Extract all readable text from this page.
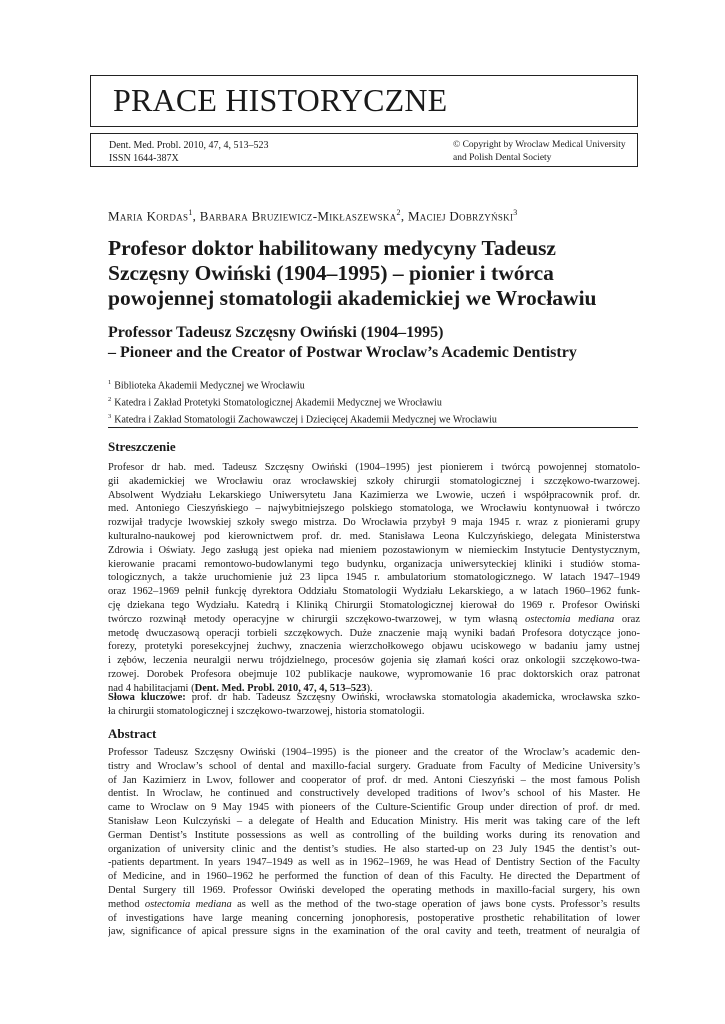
PRACE HISTORYCZNE
Dent. Med. Probl. 2010, 47, 4, 513–523
ISSN 1644-387X
© Copyright by Wroclaw Medical University
and Polish Dental Society
Maria Kordas$^1$, Barbara Bruziewicz-Mikłaszewska$^2$, Maciej Dobrzyński$^3$
Profesor doktor habilitowany medycyny Tadeusz
Szczęsny Owiński (1904–1995) – pionier i twórca
powojennej stomatologii akademickiej we Wrocławiu
Professor Tadeusz Szczęsny Owiński (1904–1995)
– Pioneer and the Creator of Postwar Wroclaw’s Academic Dentistry
$^1$ Biblioteka Akademii Medycznej we Wrocławiu
$^2$ Katedra i Zakład Protetyki Stomatologicznej Akademii Medycznej we Wrocławiu
$^3$ Katedra i Zakład Stomatologii Zachowawczej i Dziecięcej Akademii Medycznej we Wrocławiu
Streszczenie
Profesor dr hab. med. Tadeusz Szczęsny Owiński (1904–1995) jest pionierem i twórcą powojennej stomatolo-
gii akademickiej we Wrocławiu oraz wrocławskiej szkoły chirurgii stomatologicznej i szczękowo-twarzowej.
Absolwent Wydziału Lekarskiego Uniwersytetu Jana Kazimierza we Lwowie, uczeń i współpracownik prof. dr.
med. Antoniego Cieszyńskiego – najwybitniejszego polskiego stomatologa, we Wrocławiu kontynuował i twórczo
rozwijał tradycje lwowskiej szkoły swego mistrza. Do Wrocławia przybył 9 maja 1945 r. wraz z pionierami grupy
kulturalno-naukowej pod kierownictwem prof. dr. med. Stanisława Leona Kulczyńskiego, delegata Ministerstwa
Zdrowia i Oświaty. Jego zasługą jest opieka nad mieniem pozostawionym w niemieckim Instytucie Dentystycznym,
kierowanie pracami remontowo-budowlanymi tego budynku, organizacja uniwersyteckiej kliniki i studiów stoma-
tologicznych, a także uruchomienie już 23 lipca 1945 r. ambulatorium stomatologicznego. W latach 1947–1949
oraz 1962–1969 pełnił funkcję dyrektora Oddziału Stomatologii Wydziału Lekarskiego, a w latach 1960–1962 funk-
cję dziekana tego Wydziału. Katedrą i Kliniką Chirurgii Stomatologicznej kierował do 1969 r. Profesor Owiński
twórczo rozwinął metody operacyjne w chirurgii szczękowo-twarzowej, w tym własną ostectomia mediana oraz
metodę dwuczasową operacji torbieli szczękowych. Duże znaczenie mają wyniki badań Profesora dotyczące jono-
forezy, protetyki poresekcyjnej żuchwy, znaczenia wierzchołkowego objawu uciskowego w badaniu jamy ustnej
i zębów, leczenia neuralgii nerwu trójdzielnego, procesów gojenia się złamań kości oraz onkologii szczękowo-twa-
rzowej. Dorobek Profesora obejmuje 102 publikacje naukowe, wypromowanie 16 prac doktorskich oraz patronat
nad 4 habilitacjami (Dent. Med. Probl. 2010, 47, 4, 513–523).
Słowa kluczowe: prof. dr hab. Tadeusz Szczęsny Owiński, wrocławska stomatologia akademicka, wrocławska szko-
ła chirurgii stomatologicznej i szczękowo-twarzowej, historia stomatologii.
Abstract
Professor Tadeusz Szczęsny Owiński (1904–1995) is the pioneer and the creator of the Wroclaw’s academic den-
tistry and Wroclaw’s school of dental and maxillo-facial surgery. Graduate from Faculty of Medicine University’s
of Jan Kazimierz in Lwov, follower and cooperator of prof. dr med. Antoni Cieszyński – the most famous Polish
dentist. In Wroclaw, he continued and constructively developed traditions of lwov’s school of his Master. He
came to Wroclaw on 9 May 1945 with pioneers of the Culture-Scientific Group under direction of prof. dr med.
Stanisław Leon Kulczyński – a delegate of Health and Education Ministry. His merit was taking care of the left
German Dentist’s Institute possessions as well as controlling of the building works during its renovation and
organization of university clinic and the dentist’s studies. He also started-up on 23 July 1945 the dentist’s out-
-patients department. In years 1947–1949 as well as in 1962–1969, he was Head of Dentistry Section of the Faculty
of Medicine, and in 1960–1962 he performed the function of dean of this Faculty. He directed the Department of
Dental Surgery till 1969. Professor Owiński developed the operating methods in maxillo-facial surgery, his own
method ostectomia mediana as well as the method of the two-stage operation of jaws bone cysts. Professor’s results
of investigations have large meaning concerning jonophoresis, postoperative prosthetic rehabilitation of lower
jaw, significance of apical pressure signs in the examination of the oral cavity and teeth, treatment of neuralgia of
